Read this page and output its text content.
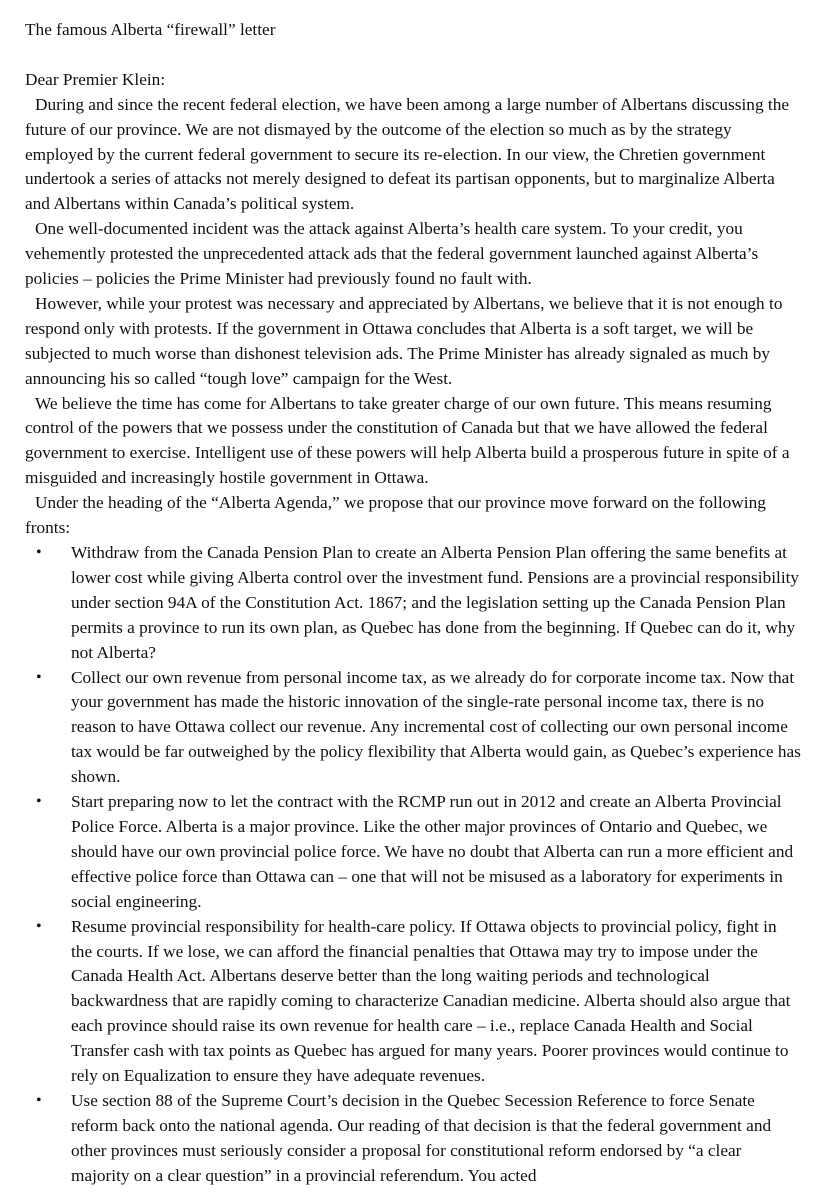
The famous Alberta “firewall” letter

Dear Premier Klein:

During and since the recent federal election, we have been among a large number of Albertans discussing the future of our province. We are not dismayed by the outcome of the election so much as by the strategy employed by the current federal government to secure its re-election. In our view, the Chretien government undertook a series of attacks not merely designed to defeat its partisan opponents, but to marginalize Alberta and Albertans within Canada’s political system.

One well-documented incident was the attack against Alberta’s health care system. To your credit, you vehemently protested the unprecedented attack ads that the federal government launched against Alberta’s policies – policies the Prime Minister had previously found no fault with.

However, while your protest was necessary and appreciated by Albertans, we believe that it is not enough to respond only with protests. If the government in Ottawa concludes that Alberta is a soft target, we will be subjected to much worse than dishonest television ads. The Prime Minister has already signaled as much by announcing his so called “tough love” campaign for the West.

We believe the time has come for Albertans to take greater charge of our own future. This means resuming control of the powers that we possess under the constitution of Canada but that we have allowed the federal government to exercise. Intelligent use of these powers will help Alberta build a prosperous future in spite of a misguided and increasingly hostile government in Ottawa.

Under the heading of the “Alberta Agenda,” we propose that our province move forward on the following fronts:

• Withdraw from the Canada Pension Plan to create an Alberta Pension Plan offering the same benefits at lower cost while giving Alberta control over the investment fund. Pensions are a provincial responsibility under section 94A of the Constitution Act. 1867; and the legislation setting up the Canada Pension Plan permits a province to run its own plan, as Quebec has done from the beginning. If Quebec can do it, why not Alberta?
• Collect our own revenue from personal income tax, as we already do for corporate income tax. Now that your government has made the historic innovation of the single-rate personal income tax, there is no reason to have Ottawa collect our revenue. Any incremental cost of collecting our own personal income tax would be far outweighed by the policy flexibility that Alberta would gain, as Quebec’s experience has shown.
• Start preparing now to let the contract with the RCMP run out in 2012 and create an Alberta Provincial Police Force. Alberta is a major province. Like the other major provinces of Ontario and Quebec, we should have our own provincial police force. We have no doubt that Alberta can run a more efficient and effective police force than Ottawa can – one that will not be misused as a laboratory for experiments in social engineering.
• Resume provincial responsibility for health-care policy. If Ottawa objects to provincial policy, fight in the courts. If we lose, we can afford the financial penalties that Ottawa may try to impose under the Canada Health Act. Albertans deserve better than the long waiting periods and technological backwardness that are rapidly coming to characterize Canadian medicine. Alberta should also argue that each province should raise its own revenue for health care – i.e., replace Canada Health and Social Transfer cash with tax points as Quebec has argued for many years. Poorer provinces would continue to rely on Equalization to ensure they have adequate revenues.
• Use section 88 of the Supreme Court’s decision in the Quebec Secession Reference to force Senate reform back onto the national agenda. Our reading of that decision is that the federal government and other provinces must seriously consider a proposal for constitutional reform endorsed by “a clear majority on a clear question” in a provincial referendum. You acted
